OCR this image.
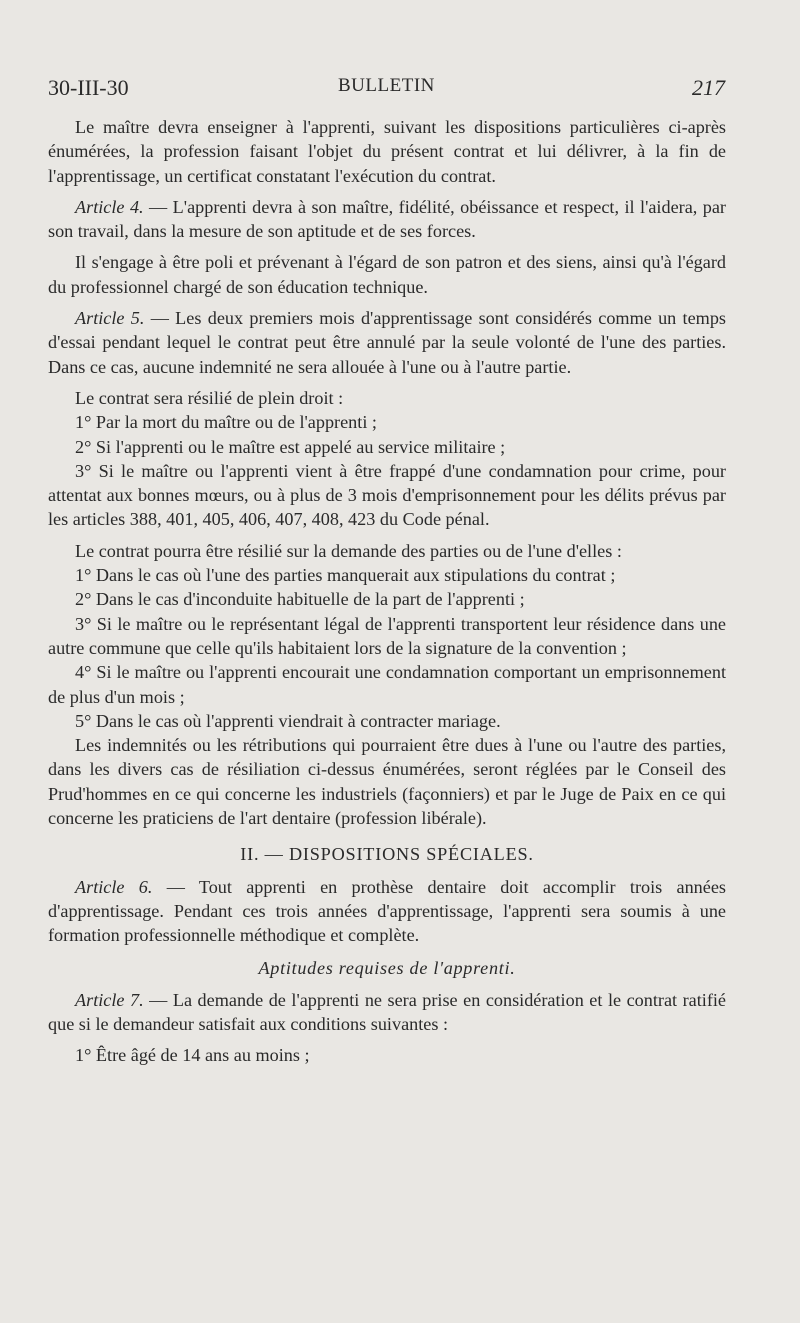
30-III-30	BULLETIN	217

Le maître devra enseigner à l'apprenti, suivant les dispositions particulières ci-après énumérées, la profession faisant l'objet du présent contrat et lui délivrer, à la fin de l'apprentissage, un certificat constatant l'exécution du contrat.

Article 4. — L'apprenti devra à son maître, fidélité, obéissance et respect, il l'aidera, par son travail, dans la mesure de son aptitude et de ses forces.

Il s'engage à être poli et prévenant à l'égard de son patron et des siens, ainsi qu'à l'égard du professionnel chargé de son éducation technique.

Article 5. — Les deux premiers mois d'apprentissage sont considérés comme un temps d'essai pendant lequel le contrat peut être annulé par la seule volonté de l'une des parties. Dans ce cas, aucune indemnité ne sera allouée à l'une ou à l'autre partie.

Le contrat sera résilié de plein droit :

1° Par la mort du maître ou de l'apprenti ;

2° Si l'apprenti ou le maître est appelé au service militaire ;

3° Si le maître ou l'apprenti vient à être frappé d'une condamnation pour crime, pour attentat aux bonnes mœurs, ou à plus de 3 mois d'emprisonnement pour les délits prévus par les articles 388, 401, 405, 406, 407, 408, 423 du Code pénal.

Le contrat pourra être résilié sur la demande des parties ou de l'une d'elles :

1° Dans le cas où l'une des parties manquerait aux stipulations du contrat ;

2° Dans le cas d'inconduite habituelle de la part de l'apprenti ;

3° Si le maître ou le représentant légal de l'apprenti transportent leur résidence dans une autre commune que celle qu'ils habitaient lors de la signature de la convention ;

4° Si le maître ou l'apprenti encourait une condamnation comportant un emprisonnement de plus d'un mois ;

5° Dans le cas où l'apprenti viendrait à contracter mariage.

Les indemnités ou les rétributions qui pourraient être dues à l'une ou l'autre des parties, dans les divers cas de résiliation ci-dessus énumérées, seront réglées par le Conseil des Prud'hommes en ce qui concerne les industriels (façonniers) et par le Juge de Paix en ce qui concerne les praticiens de l'art dentaire (profession libérale).

II. — DISPOSITIONS SPÉCIALES.

Article 6. — Tout apprenti en prothèse dentaire doit accomplir trois années d'apprentissage. Pendant ces trois années d'apprentissage, l'apprenti sera soumis à une formation professionnelle méthodique et complète.

Aptitudes requises de l'apprenti.

Article 7. — La demande de l'apprenti ne sera prise en considération et le contrat ratifié que si le demandeur satisfait aux conditions suivantes :

1° Être âgé de 14 ans au moins ;
